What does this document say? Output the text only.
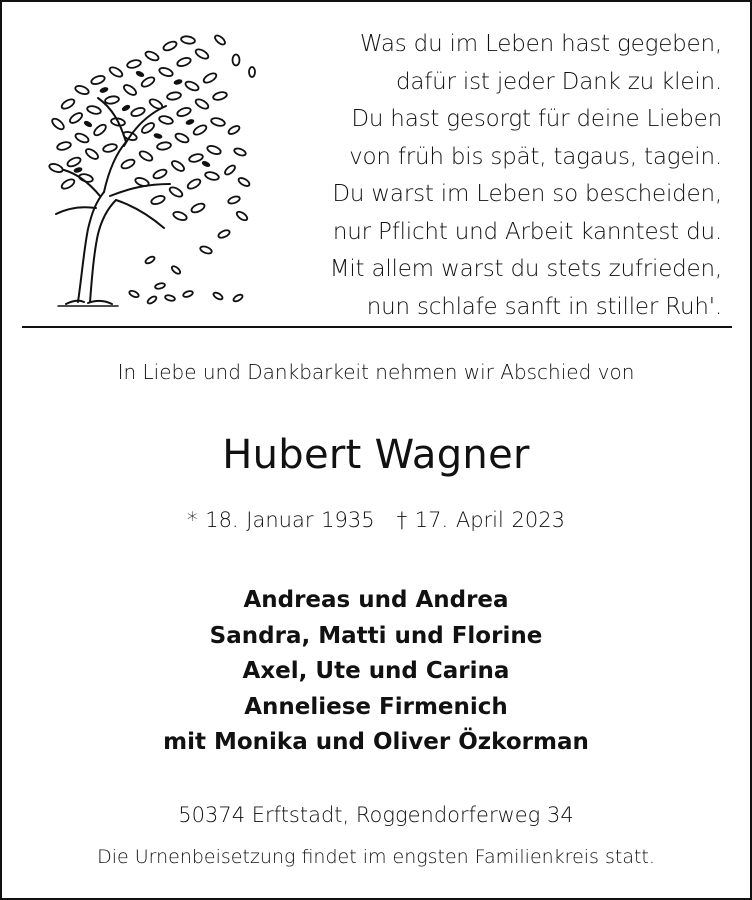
Was du im Leben hast gegeben,
dafür ist jeder Dank zu klein.
Du hast gesorgt für deine Lieben
von früh bis spät, tagaus, tagein.
Du warst im Leben so bescheiden,
nur Pflicht und Arbeit kanntest du.
Mit allem warst du stets zufrieden,
nun schlafe sanft in stiller Ruh'.
In Liebe und Dankbarkeit nehmen wir Abschied von
Hubert Wagner
* 18. Januar 1935 † 17. April 2023
Andreas und Andrea
Sandra, Matti und Florine
Axel, Ute und Carina
Anneliese Firmenich
mit Monika und Oliver Özkorman
50374 Erftstadt, Roggendorferweg 34
Die Urnenbeisetzung findet im engsten Familienkreis statt.
